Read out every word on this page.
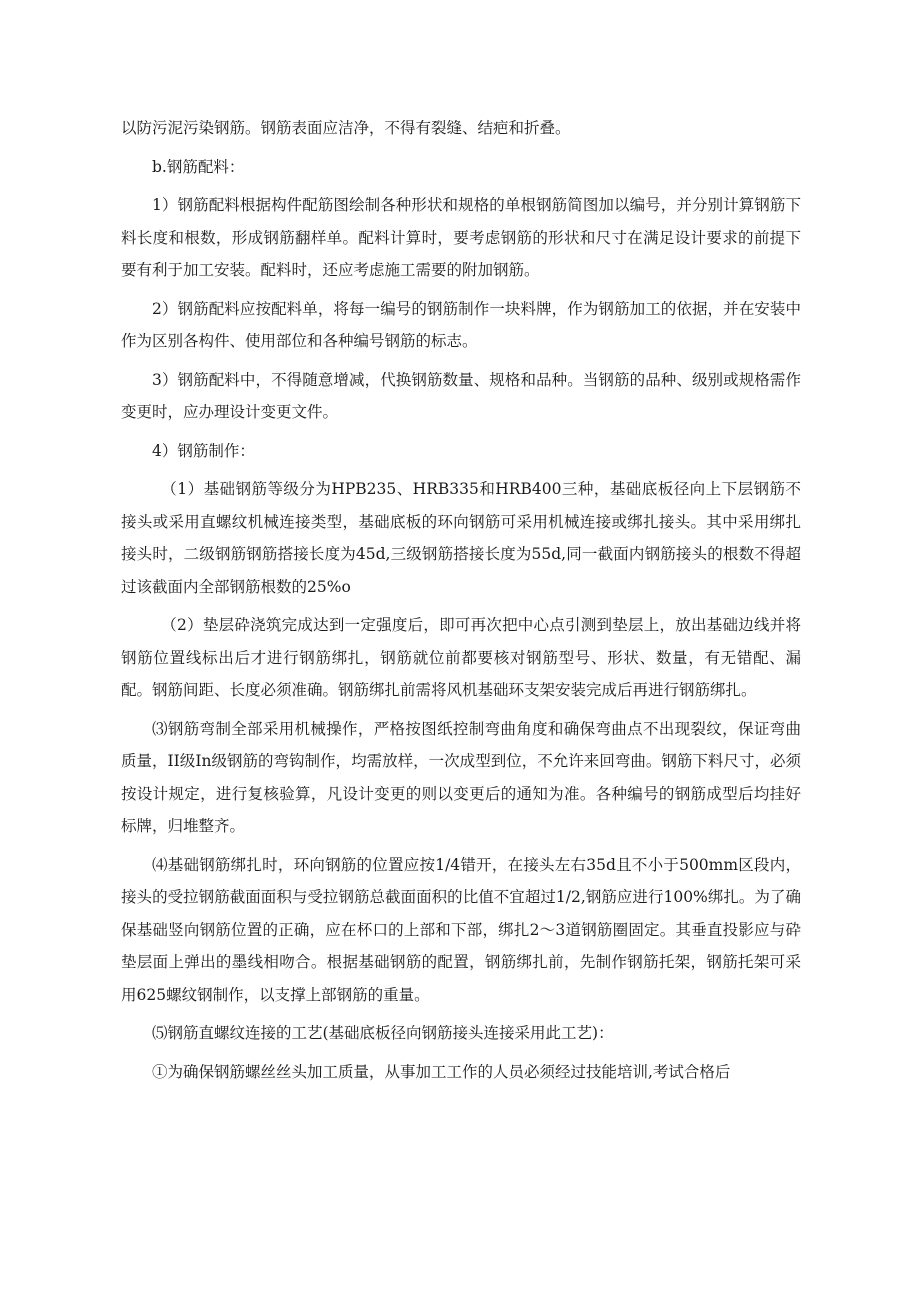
以防污泥污染钢筋。钢筋表面应洁净，不得有裂缝、结疤和折叠。

b.钢筋配料：

1）钢筋配料根据构件配筋图绘制各种形状和规格的单根钢筋简图加以编号，并分别计算钢筋下料长度和根数，形成钢筋翻样单。配料计算时，要考虑钢筋的形状和尺寸在满足设计要求的前提下要有利于加工安装。配料时，还应考虑施工需要的附加钢筋。

2）钢筋配料应按配料单，将每一编号的钢筋制作一块料牌，作为钢筋加工的依据，并在安装中作为区别各构件、使用部位和各种编号钢筋的标志。

3）钢筋配料中，不得随意增减，代换钢筋数量、规格和品种。当钢筋的品种、级别或规格需作变更时，应办理设计变更文件。

4）钢筋制作：

（1）基础钢筋等级分为HPB235、HRB335和HRB400三种，基础底板径向上下层钢筋不接头或采用直螺纹机械连接类型，基础底板的环向钢筋可采用机械连接或绑扎接头。其中采用绑扎接头时，二级钢筋钢筋搭接长度为45d,三级钢筋搭接长度为55d,同一截面内钢筋接头的根数不得超过该截面内全部钢筋根数的25%o

（2）垫层砕浇筑完成达到一定强度后，即可再次把中心点引测到垫层上，放出基础边线并将钢筋位置线标出后才进行钢筋绑扎，钢筋就位前都要核对钢筋型号、形状、数量，有无错配、漏配。钢筋间距、长度必须准确。钢筋绑扎前需将风机基础环支架安装完成后再进行钢筋绑扎。

⑶钢筋弯制全部采用机械操作，严格按图纸控制弯曲角度和确保弯曲点不出现裂纹，保证弯曲质量，II级In级钢筋的弯钩制作，均需放样，一次成型到位，不允许来回弯曲。钢筋下料尺寸，必须按设计规定，进行复核验算，凡设计变更的则以变更后的通知为准。各种编号的钢筋成型后均挂好标牌，归堆整齐。

⑷基础钢筋绑扎时，环向钢筋的位置应按1/4错开，在接头左右35d且不小于500mm区段内，接头的受拉钢筋截面面积与受拉钢筋总截面面积的比值不宜超过1/2,钢筋应进行100%绑扎。为了确保基础竖向钢筋位置的正确，应在杯口的上部和下部，绑扎2〜3道钢筋圈固定。其垂直投影应与砕垫层面上弹出的墨线相吻合。根据基础钢筋的配置，钢筋绑扎前，先制作钢筋托架，钢筋托架可采用625螺纹钢制作，以支撑上部钢筋的重量。

⑸钢筋直螺纹连接的工艺(基础底板径向钢筋接头连接采用此工艺)：

①为确保钢筋螺丝丝头加工质量，从事加工工作的人员必须经过技能培训,考试合格后
